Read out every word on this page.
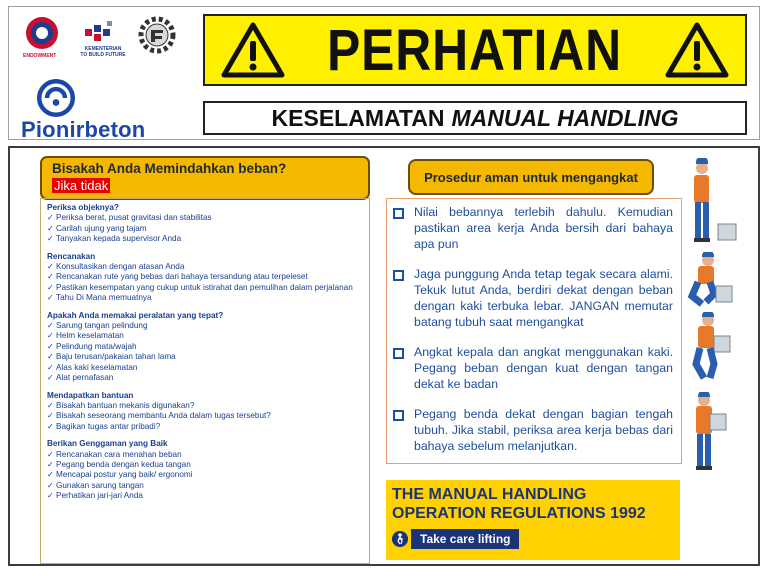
ENDOWMENT
KEMENTERIAN
TO BUILD FUTURE
Pionirbeton
PERHATIAN
KESELAMATAN MANUAL HANDLING
Bisakah Anda Memindahkan beban?
Jika tidak
Periksa objeknya?
✓ Periksa berat, pusat gravitasi dan stabilitas
✓ Carilah ujung yang tajam
✓ Tanyakan kepada supervisor Anda
Rencanakan
✓ Konsultasikan dengan atasan Anda
✓ Rencanakan rute yang bebas dari bahaya tersandung atau terpeleset
✓ Pastikan kesempatan yang cukup untuk istirahat dan pemulihan dalam perjalanan
✓ Tahu Di Mana memuatnya
Apakah Anda memakai peralatan yang tepat?
✓ Sarung tangan pelindung
✓ Helm keselamatan
✓ Pelindung mata/wajah
✓ Baju terusan/pakaian tahan lama
✓ Alas kaki keselamatan
✓ Alat pernafasan
Mendapatkan bantuan
✓ Bisakah bantuan mekanis digunakan?
✓ Bisakah seseorang membantu Anda dalam tugas tersebut?
✓ Bagikan tugas antar pribadi?
Berikan Genggaman yang Baik
✓ Rencanakan cara menahan beban
✓ Pegang benda dengan kedua tangan
✓ Mencapai postur yang baik/ ergonomi
✓ Gunakan sarung tangan
✓ Perhatikan jari-jari Anda
Prosedur aman untuk mengangkat
Nilai bebannya terlebih dahulu. Kemudian pastikan area kerja Anda bersih dari bahaya apa pun
Jaga punggung Anda tetap tegak secara alami. Tekuk lutut Anda, berdiri dekat dengan beban dengan kaki terbuka lebar. JANGAN memutar batang tubuh saat mengangkat
Angkat kepala dan angkat menggunakan kaki. Pegang beban dengan kuat dengan tangan dekat ke badan
Pegang benda dekat dengan bagian tengah tubuh. Jika stabil, periksa area kerja bebas dari bahaya sebelum melanjutkan.
THE MANUAL HANDLING
OPERATION REGULATIONS 1992
Take care lifting
